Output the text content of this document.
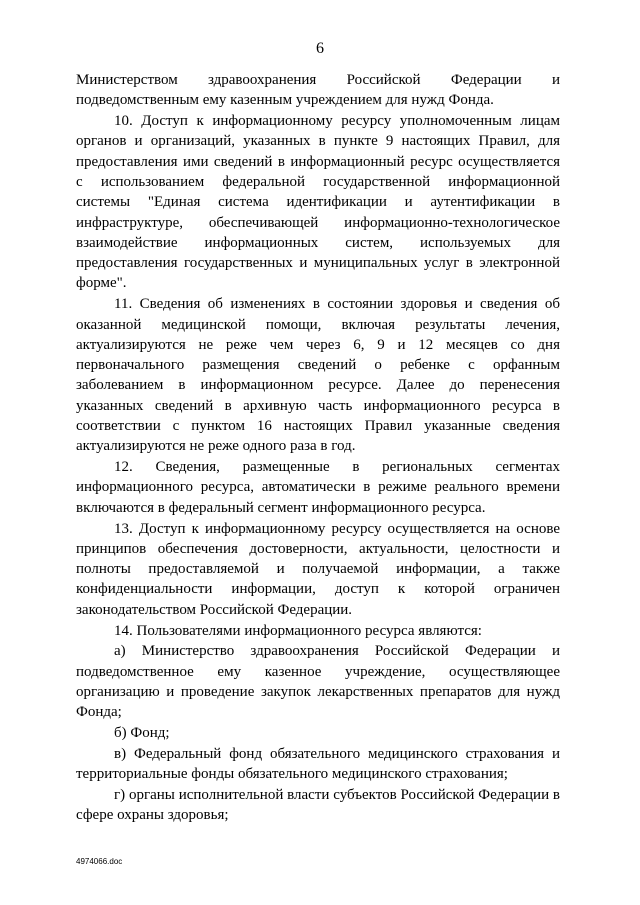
6

Министерством здравоохранения Российской Федерации и подведомственным ему казенным учреждением для нужд Фонда.

10. Доступ к информационному ресурсу уполномоченным лицам органов и организаций, указанных в пункте 9 настоящих Правил, для предоставления ими сведений в информационный ресурс осуществляется с использованием федеральной государственной информационной системы "Единая система идентификации и аутентификации в инфраструктуре, обеспечивающей информационно-технологическое взаимодействие информационных систем, используемых для предоставления государственных и муниципальных услуг в электронной форме".

11. Сведения об изменениях в состоянии здоровья и сведения об оказанной медицинской помощи, включая результаты лечения, актуализируются не реже чем через 6, 9 и 12 месяцев со дня первоначального размещения сведений о ребенке с орфанным заболеванием в информационном ресурсе. Далее до перенесения указанных сведений в архивную часть информационного ресурса в соответствии с пунктом 16 настоящих Правил указанные сведения актуализируются не реже одного раза в год.

12. Сведения, размещенные в региональных сегментах информационного ресурса, автоматически в режиме реального времени включаются в федеральный сегмент информационного ресурса.

13. Доступ к информационному ресурсу осуществляется на основе принципов обеспечения достоверности, актуальности, целостности и полноты предоставляемой и получаемой информации, а также конфиденциальности информации, доступ к которой ограничен законодательством Российской Федерации.

14. Пользователями информационного ресурса являются:

а) Министерство здравоохранения Российской Федерации и подведомственное ему казенное учреждение, осуществляющее организацию и проведение закупок лекарственных препаратов для нужд Фонда;

б) Фонд;

в) Федеральный фонд обязательного медицинского страхования и территориальные фонды обязательного медицинского страхования;

г) органы исполнительной власти субъектов Российской Федерации в сфере охраны здоровья;

4974066.doc
